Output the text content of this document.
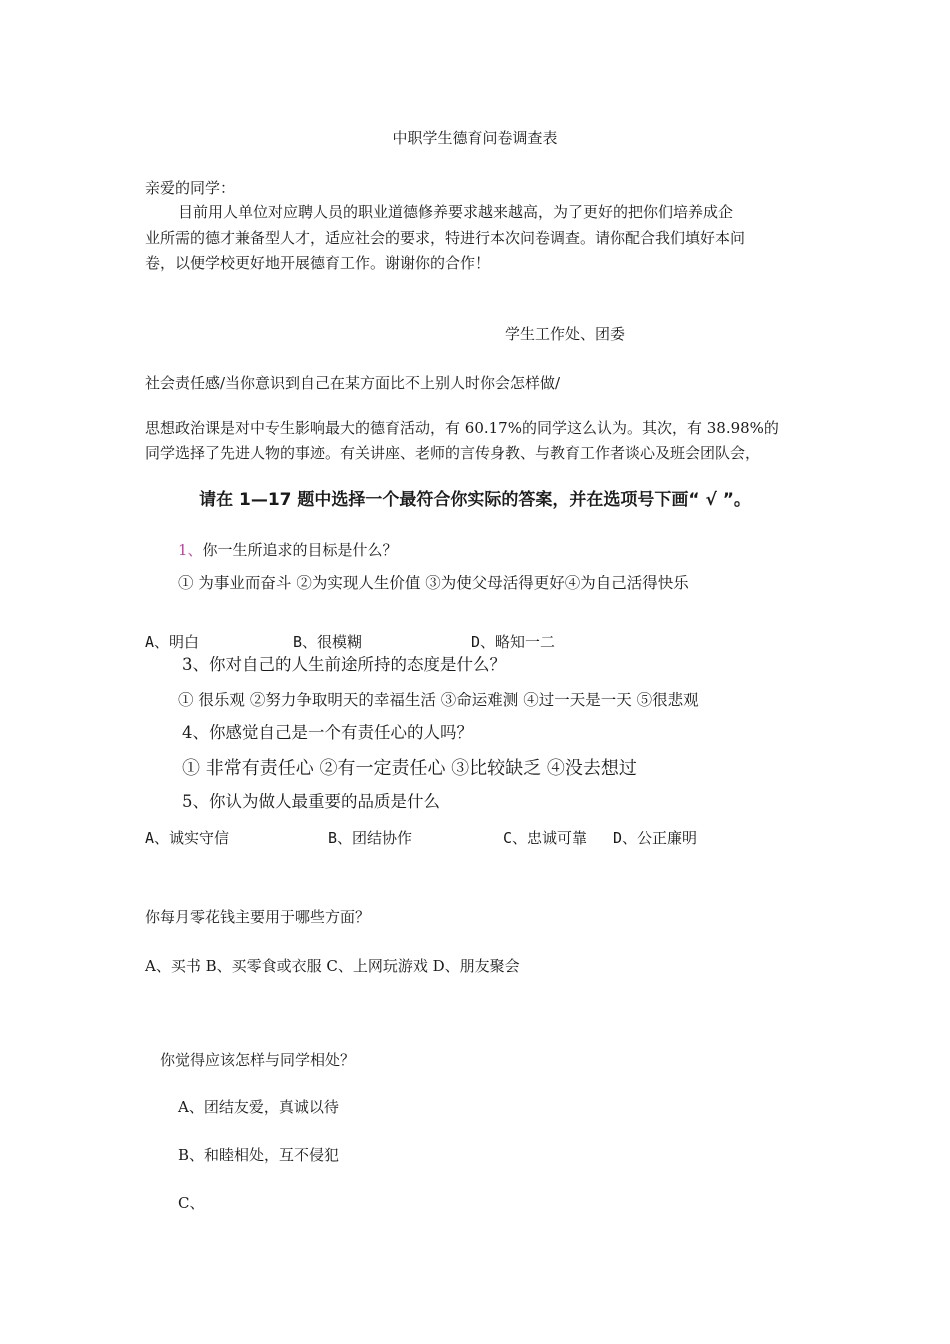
中职学生德育问卷调查表
亲爱的同学：
目前用人单位对应聘人员的职业道德修养要求越来越高，为了更好的把你们培养成企
业所需的德才兼备型人才，适应社会的要求，特进行本次问卷调查。请你配合我们填好本问
卷，以便学校更好地开展德育工作。谢谢你的合作！
学生工作处、团委
社会责任感/当你意识到自己在某方面比不上别人时你会怎样做/
思想政治课是对中专生影响最大的德育活动，有 60.17%的同学这么认为。其次，有 38.98%的
同学选择了先进人物的事迹。有关讲座、老师的言传身教、与教育工作者谈心及班会团队会，
请在 1—17 题中选择一个最符合你实际的答案，并在选项号下画“ √ ”。
1、你一生所追求的目标是什么？
① 为事业而奋斗 ②为实现人生价值 ③为使父母活得更好④为自己活得快乐
A、明白	B、很模糊	D、略知一二
3、你对自己的人生前途所持的态度是什么？
① 很乐观 ②努力争取明天的幸福生活 ③命运难测 ④过一天是一天 ⑤很悲观
4、你感觉自己是一个有责任心的人吗？
① 非常有责任心 ②有一定责任心 ③比较缺乏 ④没去想过
5、你认为做人最重要的品质是什么
A、诚实守信	B、团结协作	C、忠诚可靠 D、公正廉明
你每月零花钱主要用于哪些方面？
A、买书 B、买零食或衣服 C、上网玩游戏 D、朋友聚会
你觉得应该怎样与同学相处？
A、团结友爱，真诚以待
B、和睦相处，互不侵犯
C、
